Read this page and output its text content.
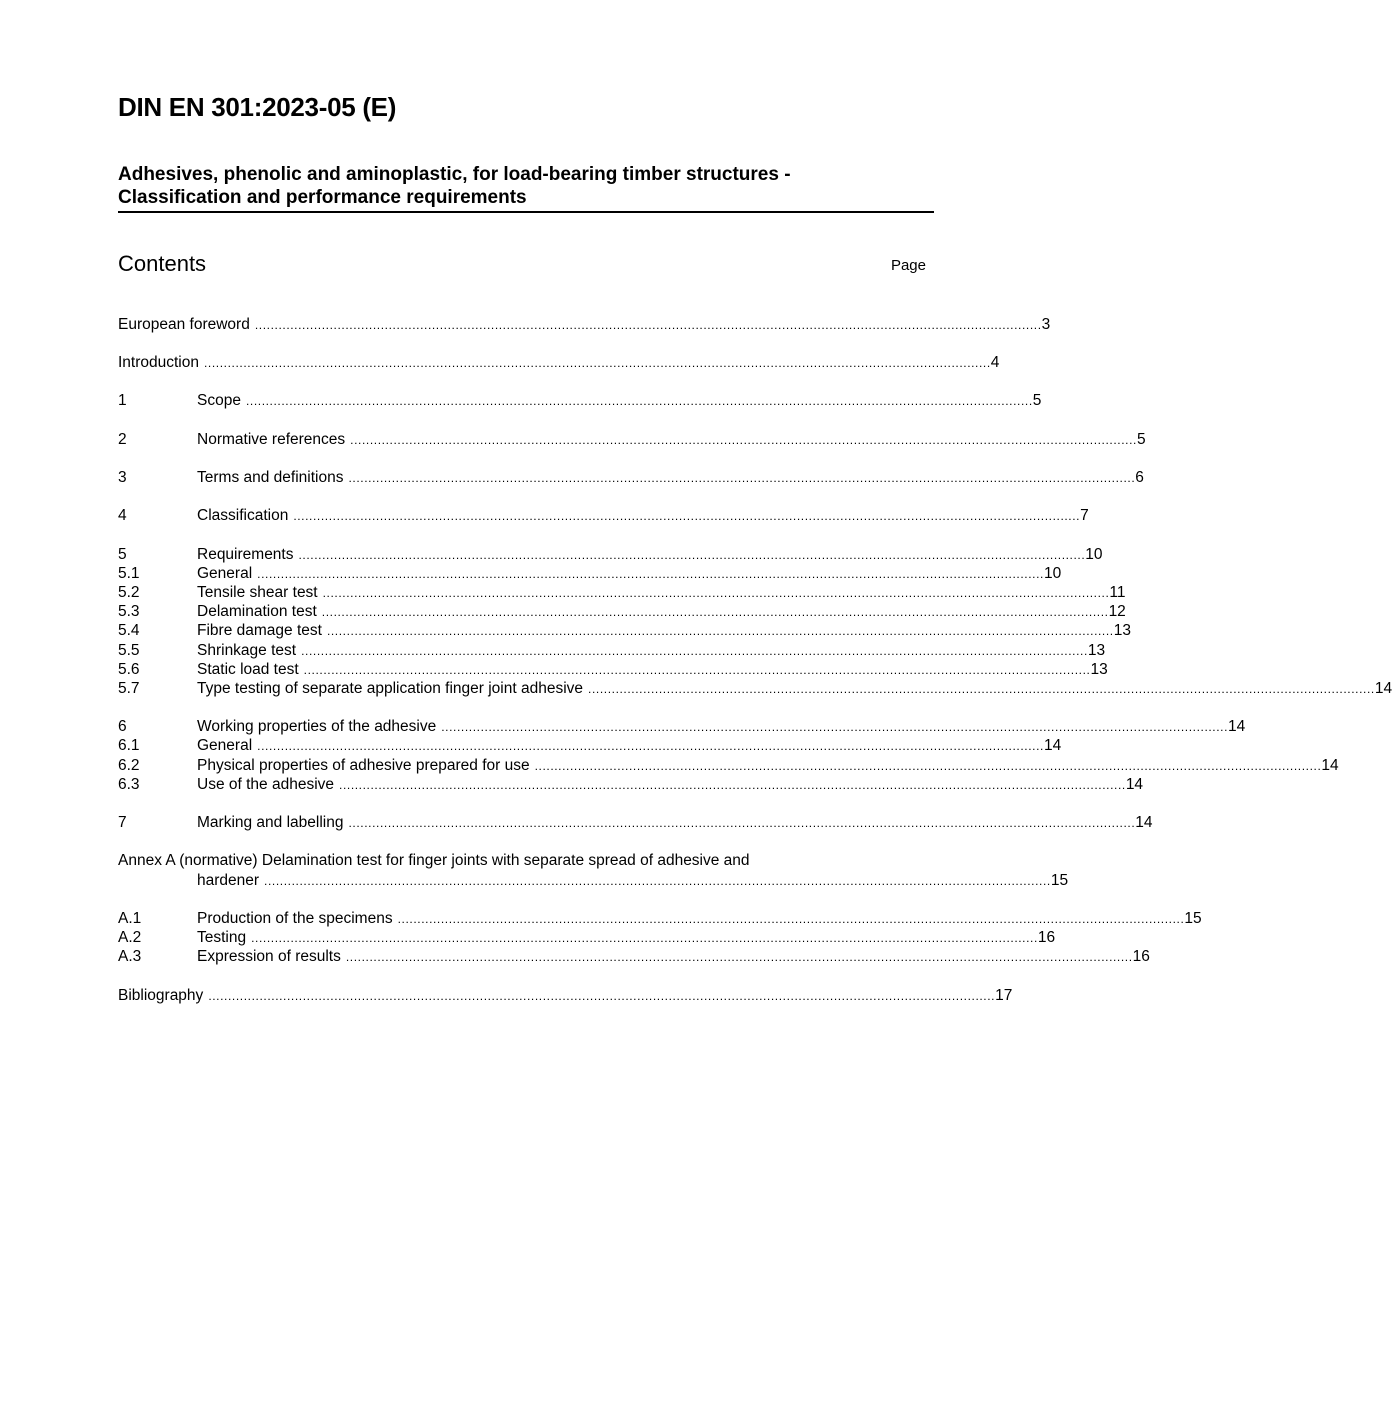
DIN EN 301:2023-05 (E)
Adhesives, phenolic and aminoplastic, for load-bearing timber structures -
Classification and performance requirements
Contents	Page
European foreword ........................................................................................................................................................................................................ 3
Introduction ........................................................................................................................................................................................................ 4
1	Scope ........................................................................................................................................................................................................ 5
2	Normative references ........................................................................................................................................................................................................ 5
3	Terms and definitions ........................................................................................................................................................................................................ 6
4	Classification ........................................................................................................................................................................................................ 7
5	Requirements ........................................................................................................................................................................................................ 10
5.1	General ........................................................................................................................................................................................................ 10
5.2	Tensile shear test ........................................................................................................................................................................................................ 11
5.3	Delamination test ........................................................................................................................................................................................................ 12
5.4	Fibre damage test ........................................................................................................................................................................................................ 13
5.5	Shrinkage test ........................................................................................................................................................................................................ 13
5.6	Static load test ........................................................................................................................................................................................................ 13
5.7	Type testing of separate application finger joint adhesive ........................................................................................................................................................................................................ 14
6	Working properties of the adhesive ........................................................................................................................................................................................................ 14
6.1	General ........................................................................................................................................................................................................ 14
6.2	Physical properties of adhesive prepared for use ........................................................................................................................................................................................................ 14
6.3	Use of the adhesive ........................................................................................................................................................................................................ 14
7	Marking and labelling ........................................................................................................................................................................................................ 14
Annex A (normative) Delamination test for finger joints with separate spread of adhesive and
hardener ........................................................................................................................................................................................................ 15
A.1	Production of the specimens ........................................................................................................................................................................................................ 15
A.2	Testing ........................................................................................................................................................................................................ 16
A.3	Expression of results ........................................................................................................................................................................................................ 16
Bibliography ........................................................................................................................................................................................................ 17
